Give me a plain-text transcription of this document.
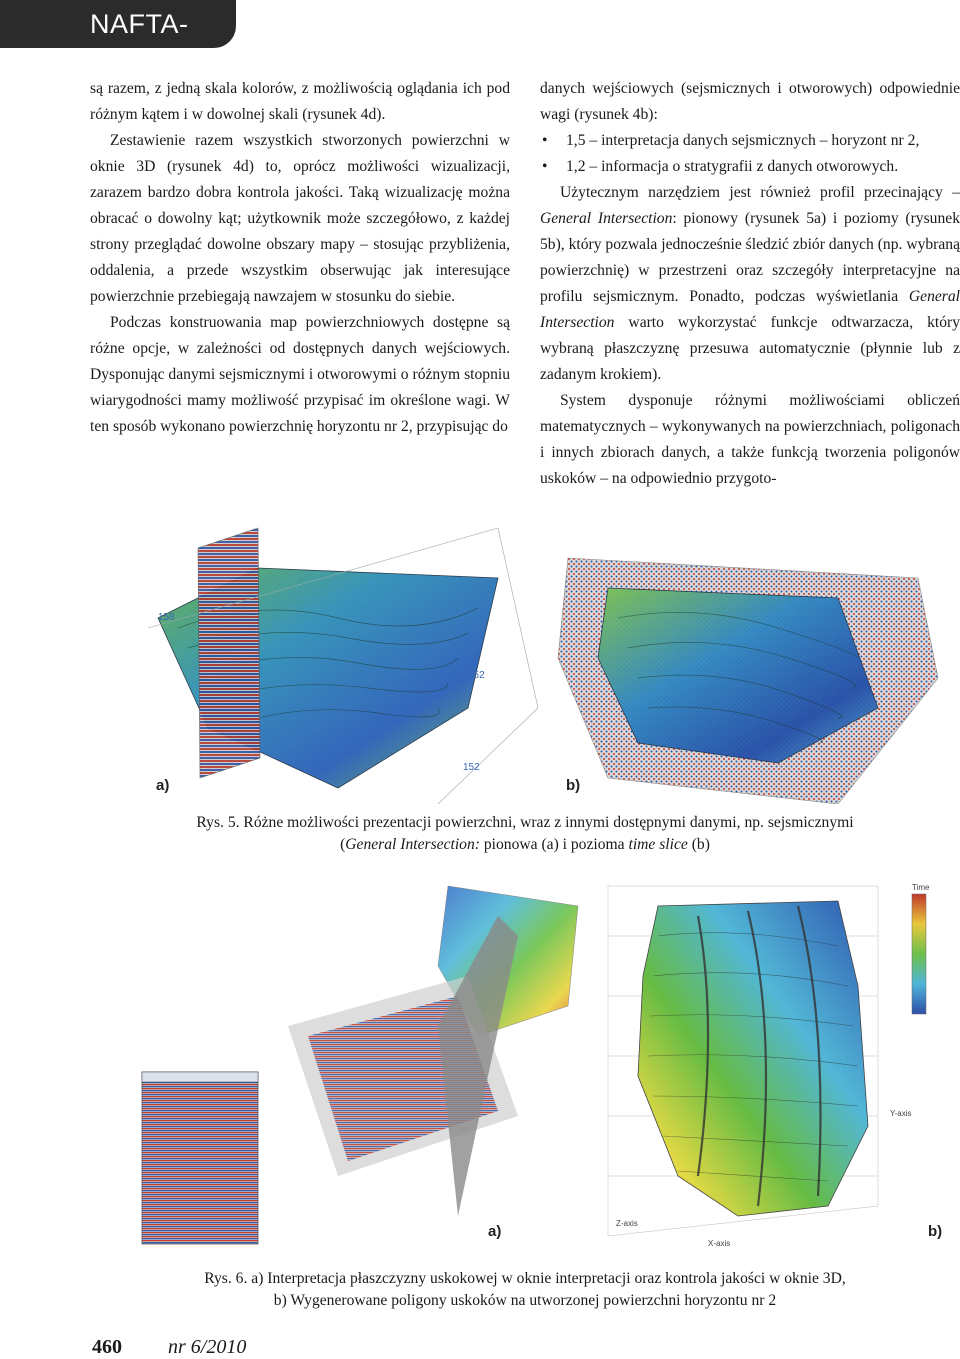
NAFTA-GAZ

są razem, z jedną skala kolorów, z możliwością oglądania ich pod różnym kątem i w dowolnej skali (rysunek 4d).

Zestawienie razem wszystkich stworzonych powierzchni w oknie 3D (rysunek 4d) to, oprócz możliwości wizualizacji, zarazem bardzo dobra kontrola jakości. Taką wizualizację można obracać o dowolny kąt; użytkownik może szczegółowo, z każdej strony przeglądać dowolne obszary mapy – stosując przybliżenia, oddalenia, a przede wszystkim obserwując jak interesujące powierzchnie przebiegają nawzajem w stosunku do siebie.

Podczas konstruowania map powierzchniowych dostępne są różne opcje, w zależności od dostępnych danych wejściowych. Dysponując danymi sejsmicznymi i otworowymi o różnym stopniu wiarygodności mamy możliwość przypisać im określone wagi. W ten sposób wykonano powierzchnię horyzontu nr 2, przypisując do

danych wejściowych (sejsmicznych i otworowych) odpowiednie wagi (rysunek 4b):

• 1,5 – interpretacja danych sejsmicznych – horyzont nr 2,
• 1,2 – informacja o stratygrafii z danych otworowych.

Użytecznym narzędziem jest również profil przecinający – General Intersection: pionowy (rysunek 5a) i poziomy (rysunek 5b), który pozwala jednocześnie śledzić zbiór danych (np. wybraną powierzchnię) w przestrzeni oraz szczegóły interpretacyjne na profilu sejsmicznym. Ponadto, podczas wyświetlania General Intersection warto wykorzystać funkcje odtwarzacza, który wybraną płaszczyznę przesuwa automatycznie (płynnie lub z zadanym krokiem).

System dysponuje różnymi możliwościami obliczeń matematycznych – wykonywanych na powierzchniach, poligonach i innych zbiorach danych, a także funkcją tworzenia poligonów uskoków – na odpowiednio przygoto-

158
352
152
a)	b)
Rys. 5. Różne możliwości prezentacji powierzchni, wraz z innymi dostępnymi danymi, np. sejsmicznymi
(General Intersection: pionowa (a) i pozioma time slice (b)
a)
Y-axis
X-axis
Z-axis
Time
b)
Rys. 6. a) Interpretacja płaszczyzny uskokowej w oknie interpretacji oraz kontrola jakości w oknie 3D,
b) Wygenerowane poligony uskoków na utworzonej powierzchni horyzontu nr 2
460 nr 6/2010
